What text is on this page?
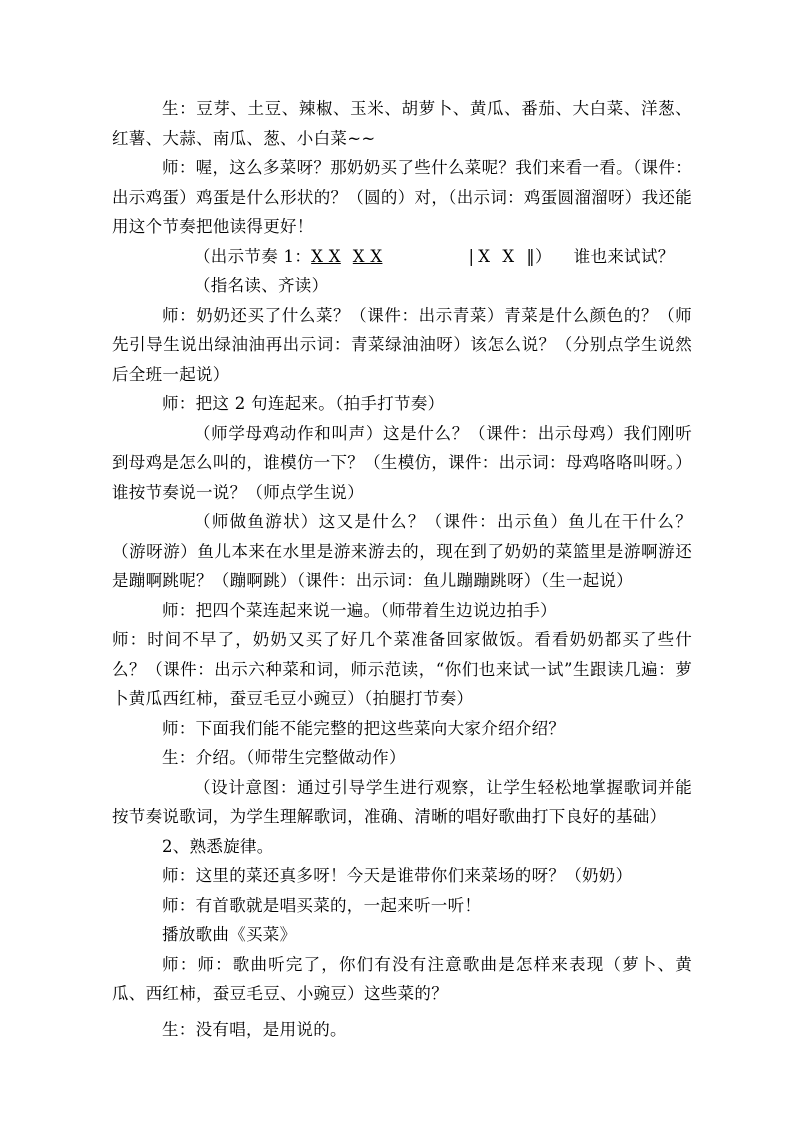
生：豆芽、土豆、辣椒、玉米、胡萝卜、黄瓜、番茄、大白菜、洋葱、红薯、大蒜、南瓜、葱、小白菜~~

师：喔，这么多菜呀？那奶奶买了些什么菜呢？我们来看一看。（课件：出示鸡蛋）鸡蛋是什么形状的？（圆的）对，（出示词：鸡蛋圆溜溜呀）我还能用这个节奏把他读得更好！

（出示节奏 1：X X X X	| X X ‖） 谁也来试试？

（指名读、齐读）

师：奶奶还买了什么菜？（课件：出示青菜）青菜是什么颜色的？（师先引导生说出绿油油再出示词：青菜绿油油呀）该怎么说？（分别点学生说然后全班一起说）

师：把这 2 句连起来。（拍手打节奏）

（师学母鸡动作和叫声）这是什么？（课件：出示母鸡）我们刚听到母鸡是怎么叫的，谁模仿一下？（生模仿，课件：出示词：母鸡咯咯叫呀。）谁按节奏说一说？（师点学生说）

（师做鱼游状）这又是什么？（课件：出示鱼）鱼儿在干什么？（游呀游）鱼儿本来在水里是游来游去的，现在到了奶奶的菜篮里是游啊游还是蹦啊跳呢？（蹦啊跳）（课件：出示词：鱼儿蹦蹦跳呀）（生一起说）

师：把四个菜连起来说一遍。（师带着生边说边拍手）

师：时间不早了，奶奶又买了好几个菜准备回家做饭。看看奶奶都买了些什么？（课件：出示六种菜和词，师示范读，“你们也来试一试”生跟读几遍：萝卜黄瓜西红柿，蚕豆毛豆小豌豆）（拍腿打节奏）

师：下面我们能不能完整的把这些菜向大家介绍介绍？

生：介绍。（师带生完整做动作）

（设计意图：通过引导学生进行观察，让学生轻松地掌握歌词并能按节奏说歌词，为学生理解歌词，准确、清晰的唱好歌曲打下良好的基础）

2、熟悉旋律。

师：这里的菜还真多呀！今天是谁带你们来菜场的呀？（奶奶）

师：有首歌就是唱买菜的，一起来听一听！

播放歌曲《买菜》

师：师：歌曲听完了，你们有没有注意歌曲是怎样来表现（萝卜、黄瓜、西红柿，蚕豆毛豆、小豌豆）这些菜的？

生：没有唱，是用说的。
